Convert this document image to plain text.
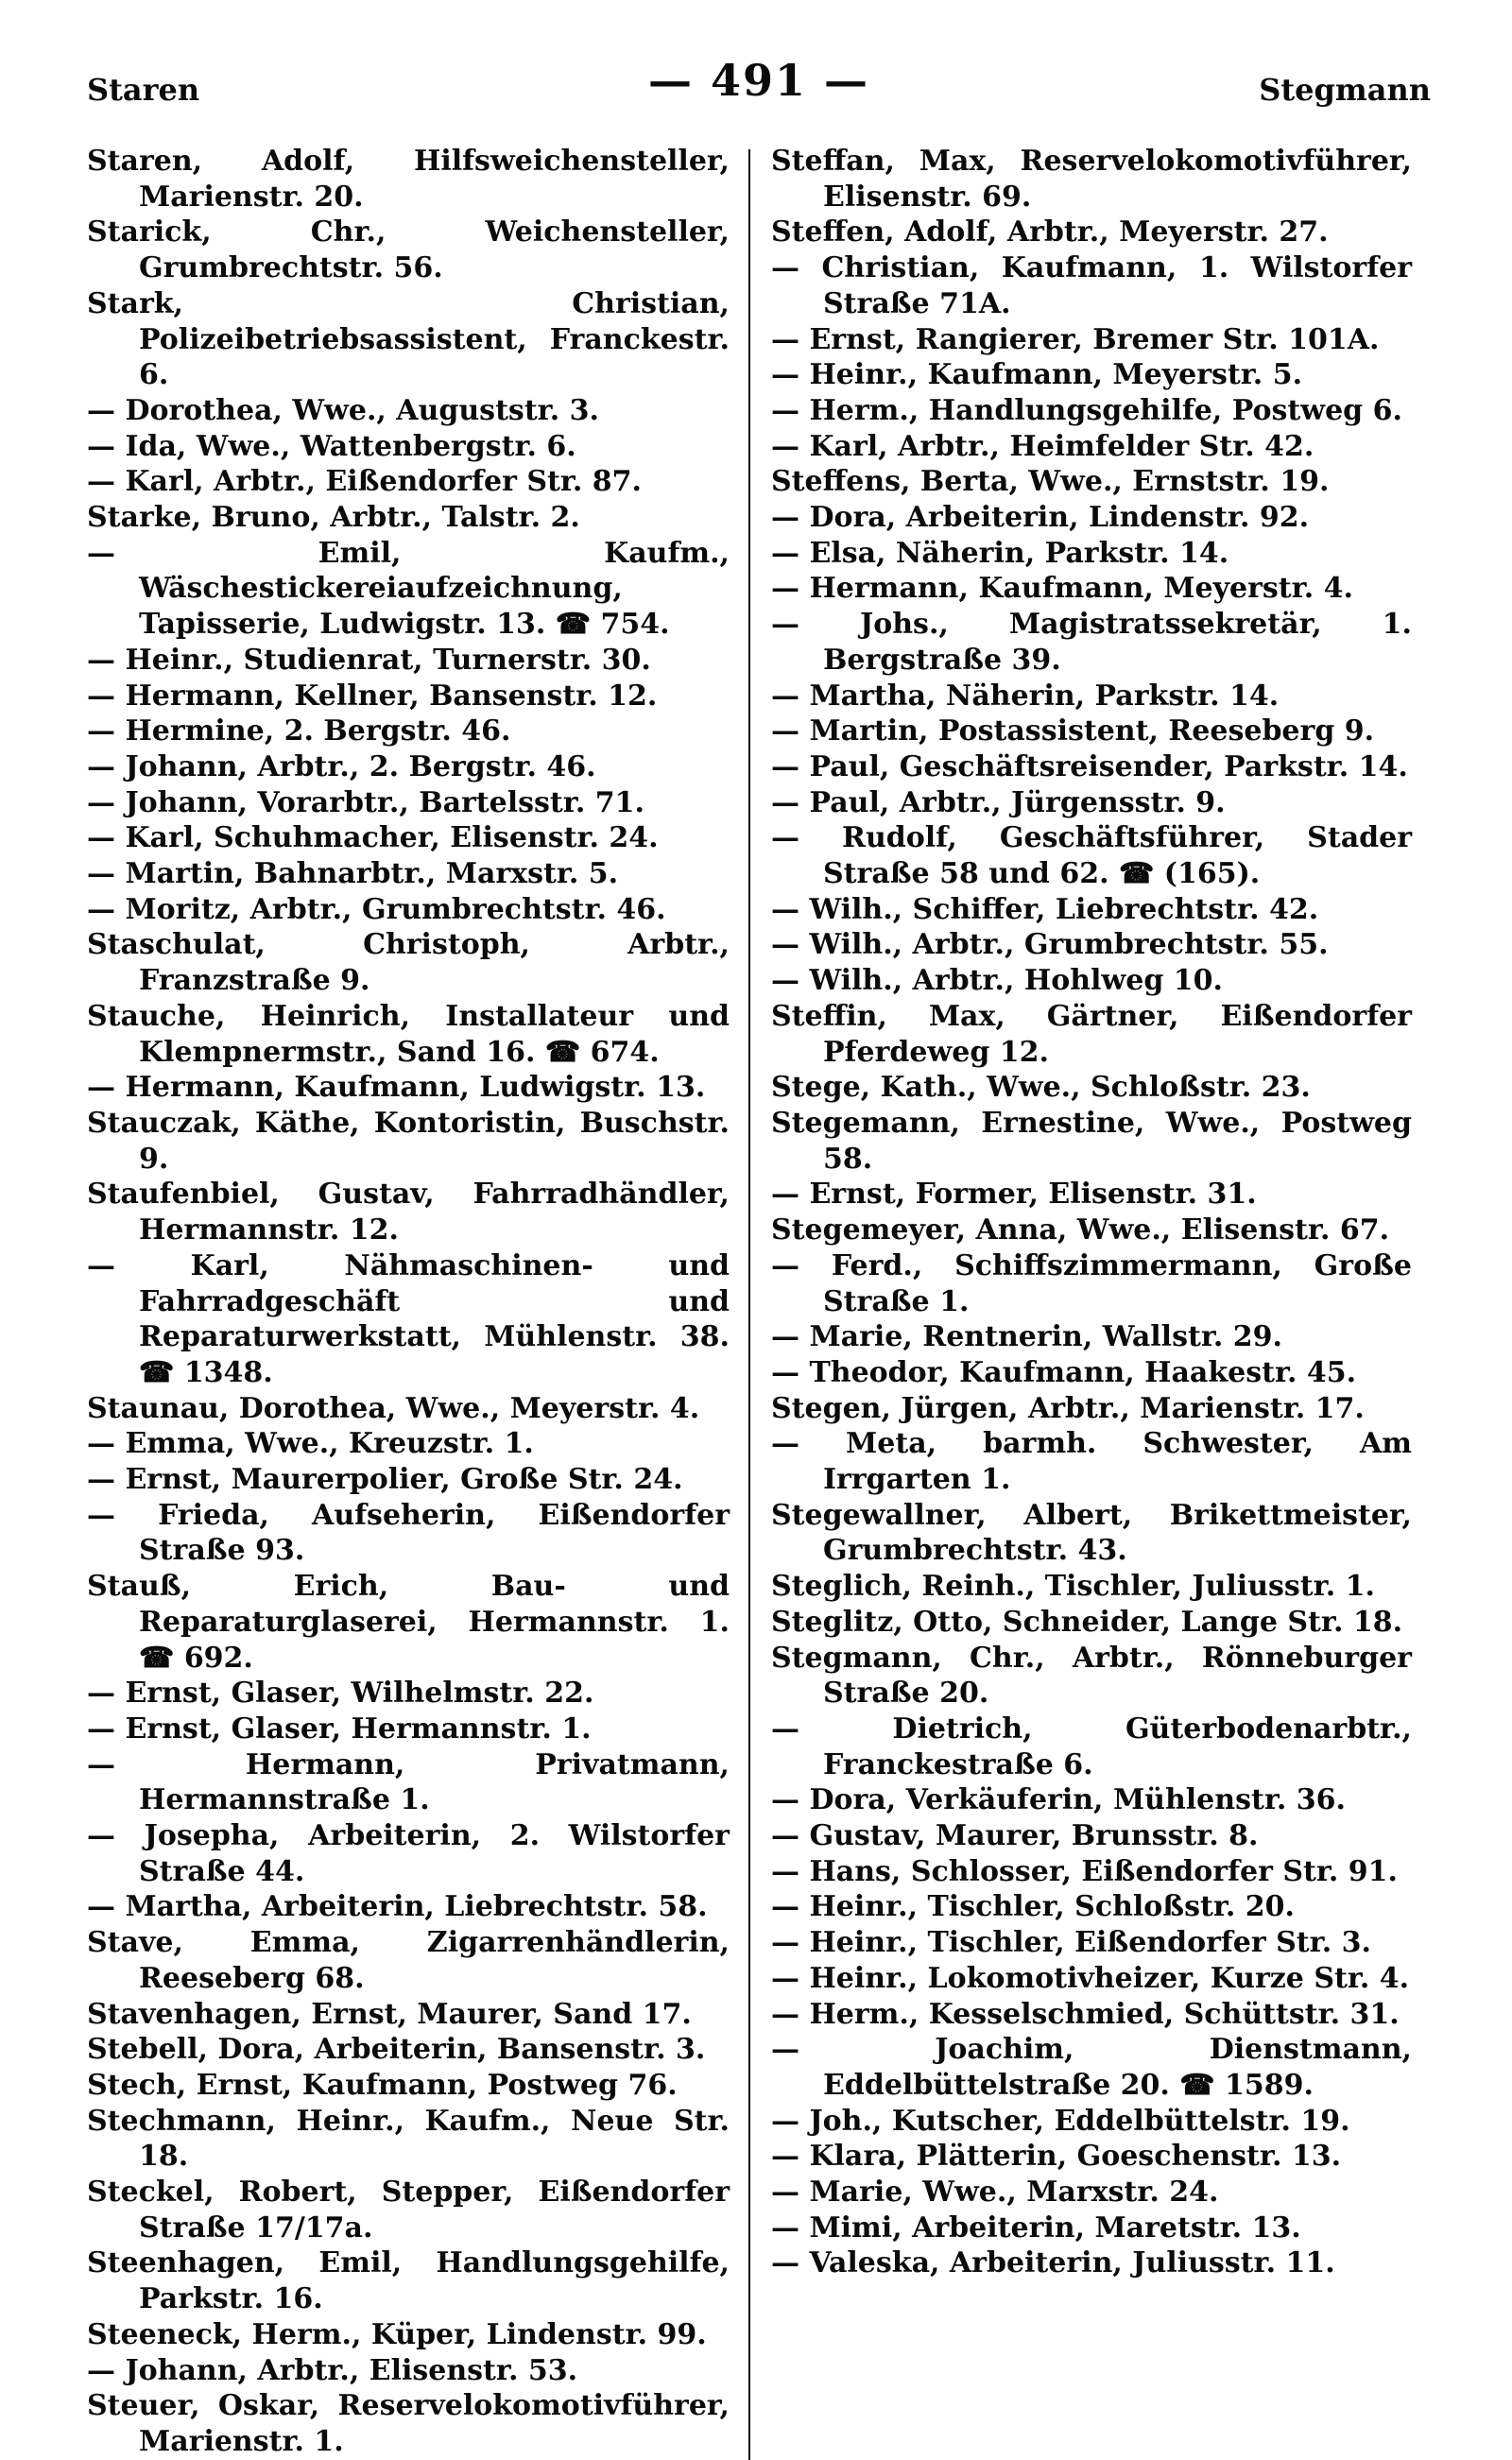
Staren	— 491 —	Stegmann

Staren, Adolf, Hilfsweichensteller, Marienstr. 20.

Starick, Chr., Weichensteller, Grumbrechtstr. 56.

Stark, Christian, Polizeibetriebsassistent, Franckestr. 6.

— Dorothea, Wwe., Auguststr. 3.

— Ida, Wwe., Wattenbergstr. 6.

— Karl, Arbtr., Eißendorfer Str. 87.

Starke, Bruno, Arbtr., Talstr. 2.

— Emil, Kaufm., Wäschestickereiaufzeichnung, Tapisserie, Ludwigstr. 13. ☎ 754.

— Heinr., Studienrat, Turnerstr. 30.

— Hermann, Kellner, Bansenstr. 12.

— Hermine, 2. Bergstr. 46.

— Johann, Arbtr., 2. Bergstr. 46.

— Johann, Vorarbtr., Bartelsstr. 71.

— Karl, Schuhmacher, Elisenstr. 24.

— Martin, Bahnarbtr., Marxstr. 5.

— Moritz, Arbtr., Grumbrechtstr. 46.

Staschulat, Christoph, Arbtr., Franzstraße 9.

Stauche, Heinrich, Installateur und Klempnermstr., Sand 16. ☎ 674.

— Hermann, Kaufmann, Ludwigstr. 13.

Stauczak, Käthe, Kontoristin, Buschstr. 9.

Staufenbiel, Gustav, Fahrradhändler, Hermannstr. 12.

— Karl, Nähmaschinen- und Fahrradgeschäft und Reparaturwerkstatt, Mühlenstr. 38. ☎ 1348.

Staunau, Dorothea, Wwe., Meyerstr. 4.

— Emma, Wwe., Kreuzstr. 1.

— Ernst, Maurerpolier, Große Str. 24.

— Frieda, Aufseherin, Eißendorfer Straße 93.

Stauß, Erich, Bau- und Reparaturglaserei, Hermannstr. 1. ☎ 692.

— Ernst, Glaser, Wilhelmstr. 22.

— Ernst, Glaser, Hermannstr. 1.

— Hermann, Privatmann, Hermannstraße 1.

— Josepha, Arbeiterin, 2. Wilstorfer Straße 44.

— Martha, Arbeiterin, Liebrechtstr. 58.

Stave, Emma, Zigarrenhändlerin, Reeseberg 68.

Stavenhagen, Ernst, Maurer, Sand 17.

Stebell, Dora, Arbeiterin, Bansenstr. 3.

Stech, Ernst, Kaufmann, Postweg 76.

Stechmann, Heinr., Kaufm., Neue Str. 18.

Steckel, Robert, Stepper, Eißendorfer Straße 17/17a.

Steenhagen, Emil, Handlungsgehilfe, Parkstr. 16.

Steeneck, Herm., Küper, Lindenstr. 99.

— Johann, Arbtr., Elisenstr. 53.

Steuer, Oskar, Reservelokomotivführer, Marienstr. 1.

Steffan, Max, Reservelokomotivführer, Elisenstr. 69.

Steffen, Adolf, Arbtr., Meyerstr. 27.

— Christian, Kaufmann, 1. Wilstorfer Straße 71A.

— Ernst, Rangierer, Bremer Str. 101A.

— Heinr., Kaufmann, Meyerstr. 5.

— Herm., Handlungsgehilfe, Postweg 6.

— Karl, Arbtr., Heimfelder Str. 42.

Steffens, Berta, Wwe., Ernststr. 19.

— Dora, Arbeiterin, Lindenstr. 92.

— Elsa, Näherin, Parkstr. 14.

— Hermann, Kaufmann, Meyerstr. 4.

— Johs., Magistratssekretär, 1. Bergstraße 39.

— Martha, Näherin, Parkstr. 14.

— Martin, Postassistent, Reeseberg 9.

— Paul, Geschäftsreisender, Parkstr. 14.

— Paul, Arbtr., Jürgensstr. 9.

— Rudolf, Geschäftsführer, Stader Straße 58 und 62. ☎ (165).

— Wilh., Schiffer, Liebrechtstr. 42.

— Wilh., Arbtr., Grumbrechtstr. 55.

— Wilh., Arbtr., Hohlweg 10.

Steffin, Max, Gärtner, Eißendorfer Pferdeweg 12.

Stege, Kath., Wwe., Schloßstr. 23.

Stegemann, Ernestine, Wwe., Postweg 58.

— Ernst, Former, Elisenstr. 31.

Stegemeyer, Anna, Wwe., Elisenstr. 67.

— Ferd., Schiffszimmermann, Große Straße 1.

— Marie, Rentnerin, Wallstr. 29.

— Theodor, Kaufmann, Haakestr. 45.

Stegen, Jürgen, Arbtr., Marienstr. 17.

— Meta, barmh. Schwester, Am Irrgarten 1.

Stegewallner, Albert, Brikettmeister, Grumbrechtstr. 43.

Steglich, Reinh., Tischler, Juliusstr. 1.

Steglitz, Otto, Schneider, Lange Str. 18.

Stegmann, Chr., Arbtr., Rönneburger Straße 20.

— Dietrich, Güterbodenarbtr., Franckestraße 6.

— Dora, Verkäuferin, Mühlenstr. 36.

— Gustav, Maurer, Brunsstr. 8.

— Hans, Schlosser, Eißendorfer Str. 91.

— Heinr., Tischler, Schloßstr. 20.

— Heinr., Tischler, Eißendorfer Str. 3.

— Heinr., Lokomotivheizer, Kurze Str. 4.

— Herm., Kesselschmied, Schüttstr. 31.

— Joachim, Dienstmann, Eddelbüttelstraße 20. ☎ 1589.

— Joh., Kutscher, Eddelbüttelstr. 19.

— Klara, Plätterin, Goeschenstr. 13.

— Marie, Wwe., Marxstr. 24.

— Mimi, Arbeiterin, Maretstr. 13.

— Valeska, Arbeiterin, Juliusstr. 11.
